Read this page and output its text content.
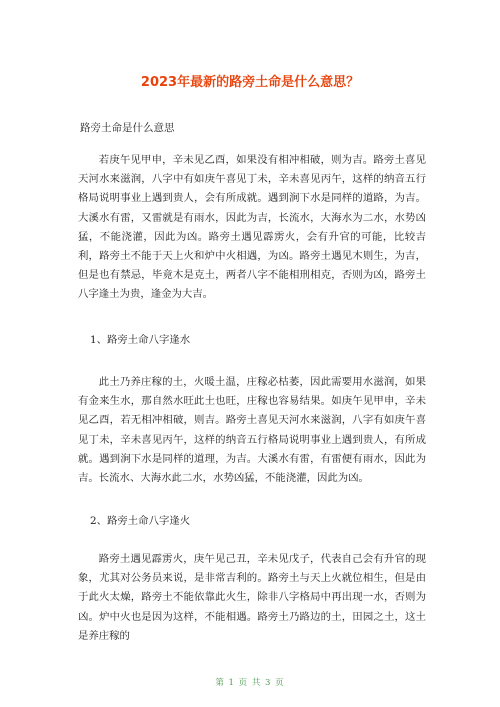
2023年最新的路旁土命是什么意思？
路旁土命是什么意思
若庚午见甲申，辛未见乙酉，如果没有相冲相破，则为吉。路旁土喜见天河水来滋润，八字中有如庚午喜见丁未，辛未喜见丙午，这样的纳音五行格局说明事业上遇到贵人，会有所成就。遇到涧下水是同样的道路，为吉。大溪水有雷，又雷就是有雨水，因此为吉，长流水，大海水为二水，水势凶猛，不能浇灌，因此为凶。路旁土遇见霹雳火，会有升官的可能，比较吉利，路旁土不能于天上火和炉中火相遇，为凶。路旁土遇见木则生，为吉，但是也有禁忌，毕竟木是克土，两者八字不能相刑相克，否则为凶，路旁土八字逢土为贵，逢金为大吉。
1、路旁土命八字逢水
此土乃养庄稼的土，火暖土温，庄稼必枯萎，因此需要用水滋润，如果有金来生水，那自然水旺此土也旺，庄稼也容易结果。如庚午见甲申，辛未见乙酉，若无相冲相破，则吉。路旁土喜见天河水来滋润，八字有如庚午喜见丁未，辛未喜见丙午，这样的纳音五行格局说明事业上遇到贵人，有所成就。遇到涧下水是同样的道理，为吉。大溪水有雷，有雷便有雨水，因此为吉。长流水、大海水此二水，水势凶猛，不能浇灌，因此为凶。
2、路旁土命八字逢火
路旁土遇见霹雳火，庚午见己丑，辛未见戊子，代表自己会有升官的现象，尤其对公务员来说，是非常吉利的。路旁土与天上火就位相生，但是由于此火太燥，路旁土不能依靠此火生，除非八字格局中再出现一水，否则为凶。炉中火也是因为这样，不能相遇。路旁土乃路边的土，田园之土，这土是养庄稼的
第 1 页 共 3 页
